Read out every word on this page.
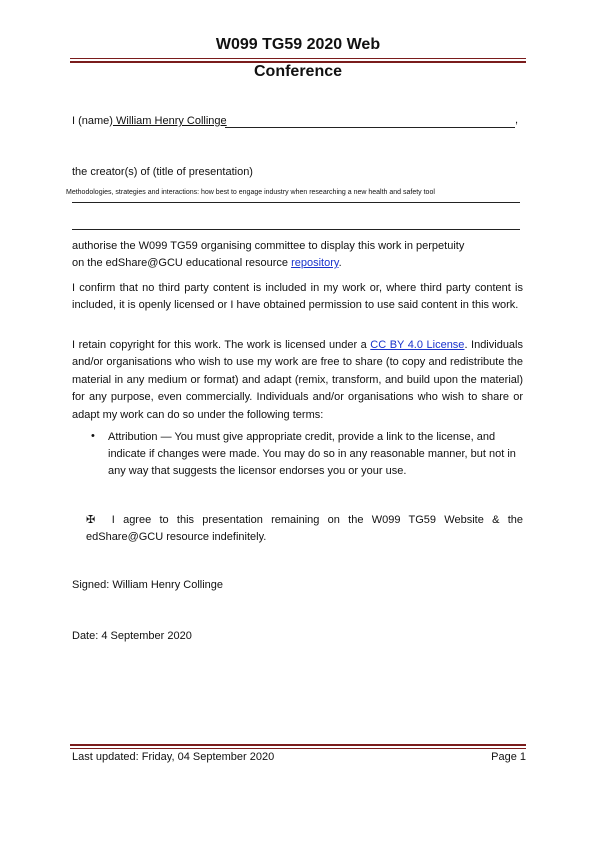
W099 TG59 2020 Web
Conference
I (name) William Henry Collinge	,
the creator(s) of (title of presentation)
Methodologies, strategies and interactions: how best to engage industry when researching a new health and safety tool
authorise the W099 TG59 organising committee to display this work in perpetuity
on the edShare@GCU educational resource repository.
I confirm that no third party content is included in my work or, where third party content is included, it is openly licensed or I have obtained permission to use said content in this work.
I retain copyright for this work. The work is licensed under a CC BY 4.0 License. Individuals and/or organisations who wish to use my work are free to share (to copy and redistribute the material in any medium or format) and adapt (remix, transform, and build upon the material) for any purpose, even commercially. Individuals and/or organisations who wish to share or adapt my work can do so under the following terms:
• Attribution — You must give appropriate credit, provide a link to the license, and indicate if changes were made. You may do so in any reasonable manner, but not in any way that suggests the licensor endorses you or your use.
✠ I agree to this presentation remaining on the W099 TG59 Website & the edShare@GCU resource indefinitely.
Signed: William Henry Collinge
Date: 4 September 2020
Last updated: Friday, 04 September 2020	Page 1
